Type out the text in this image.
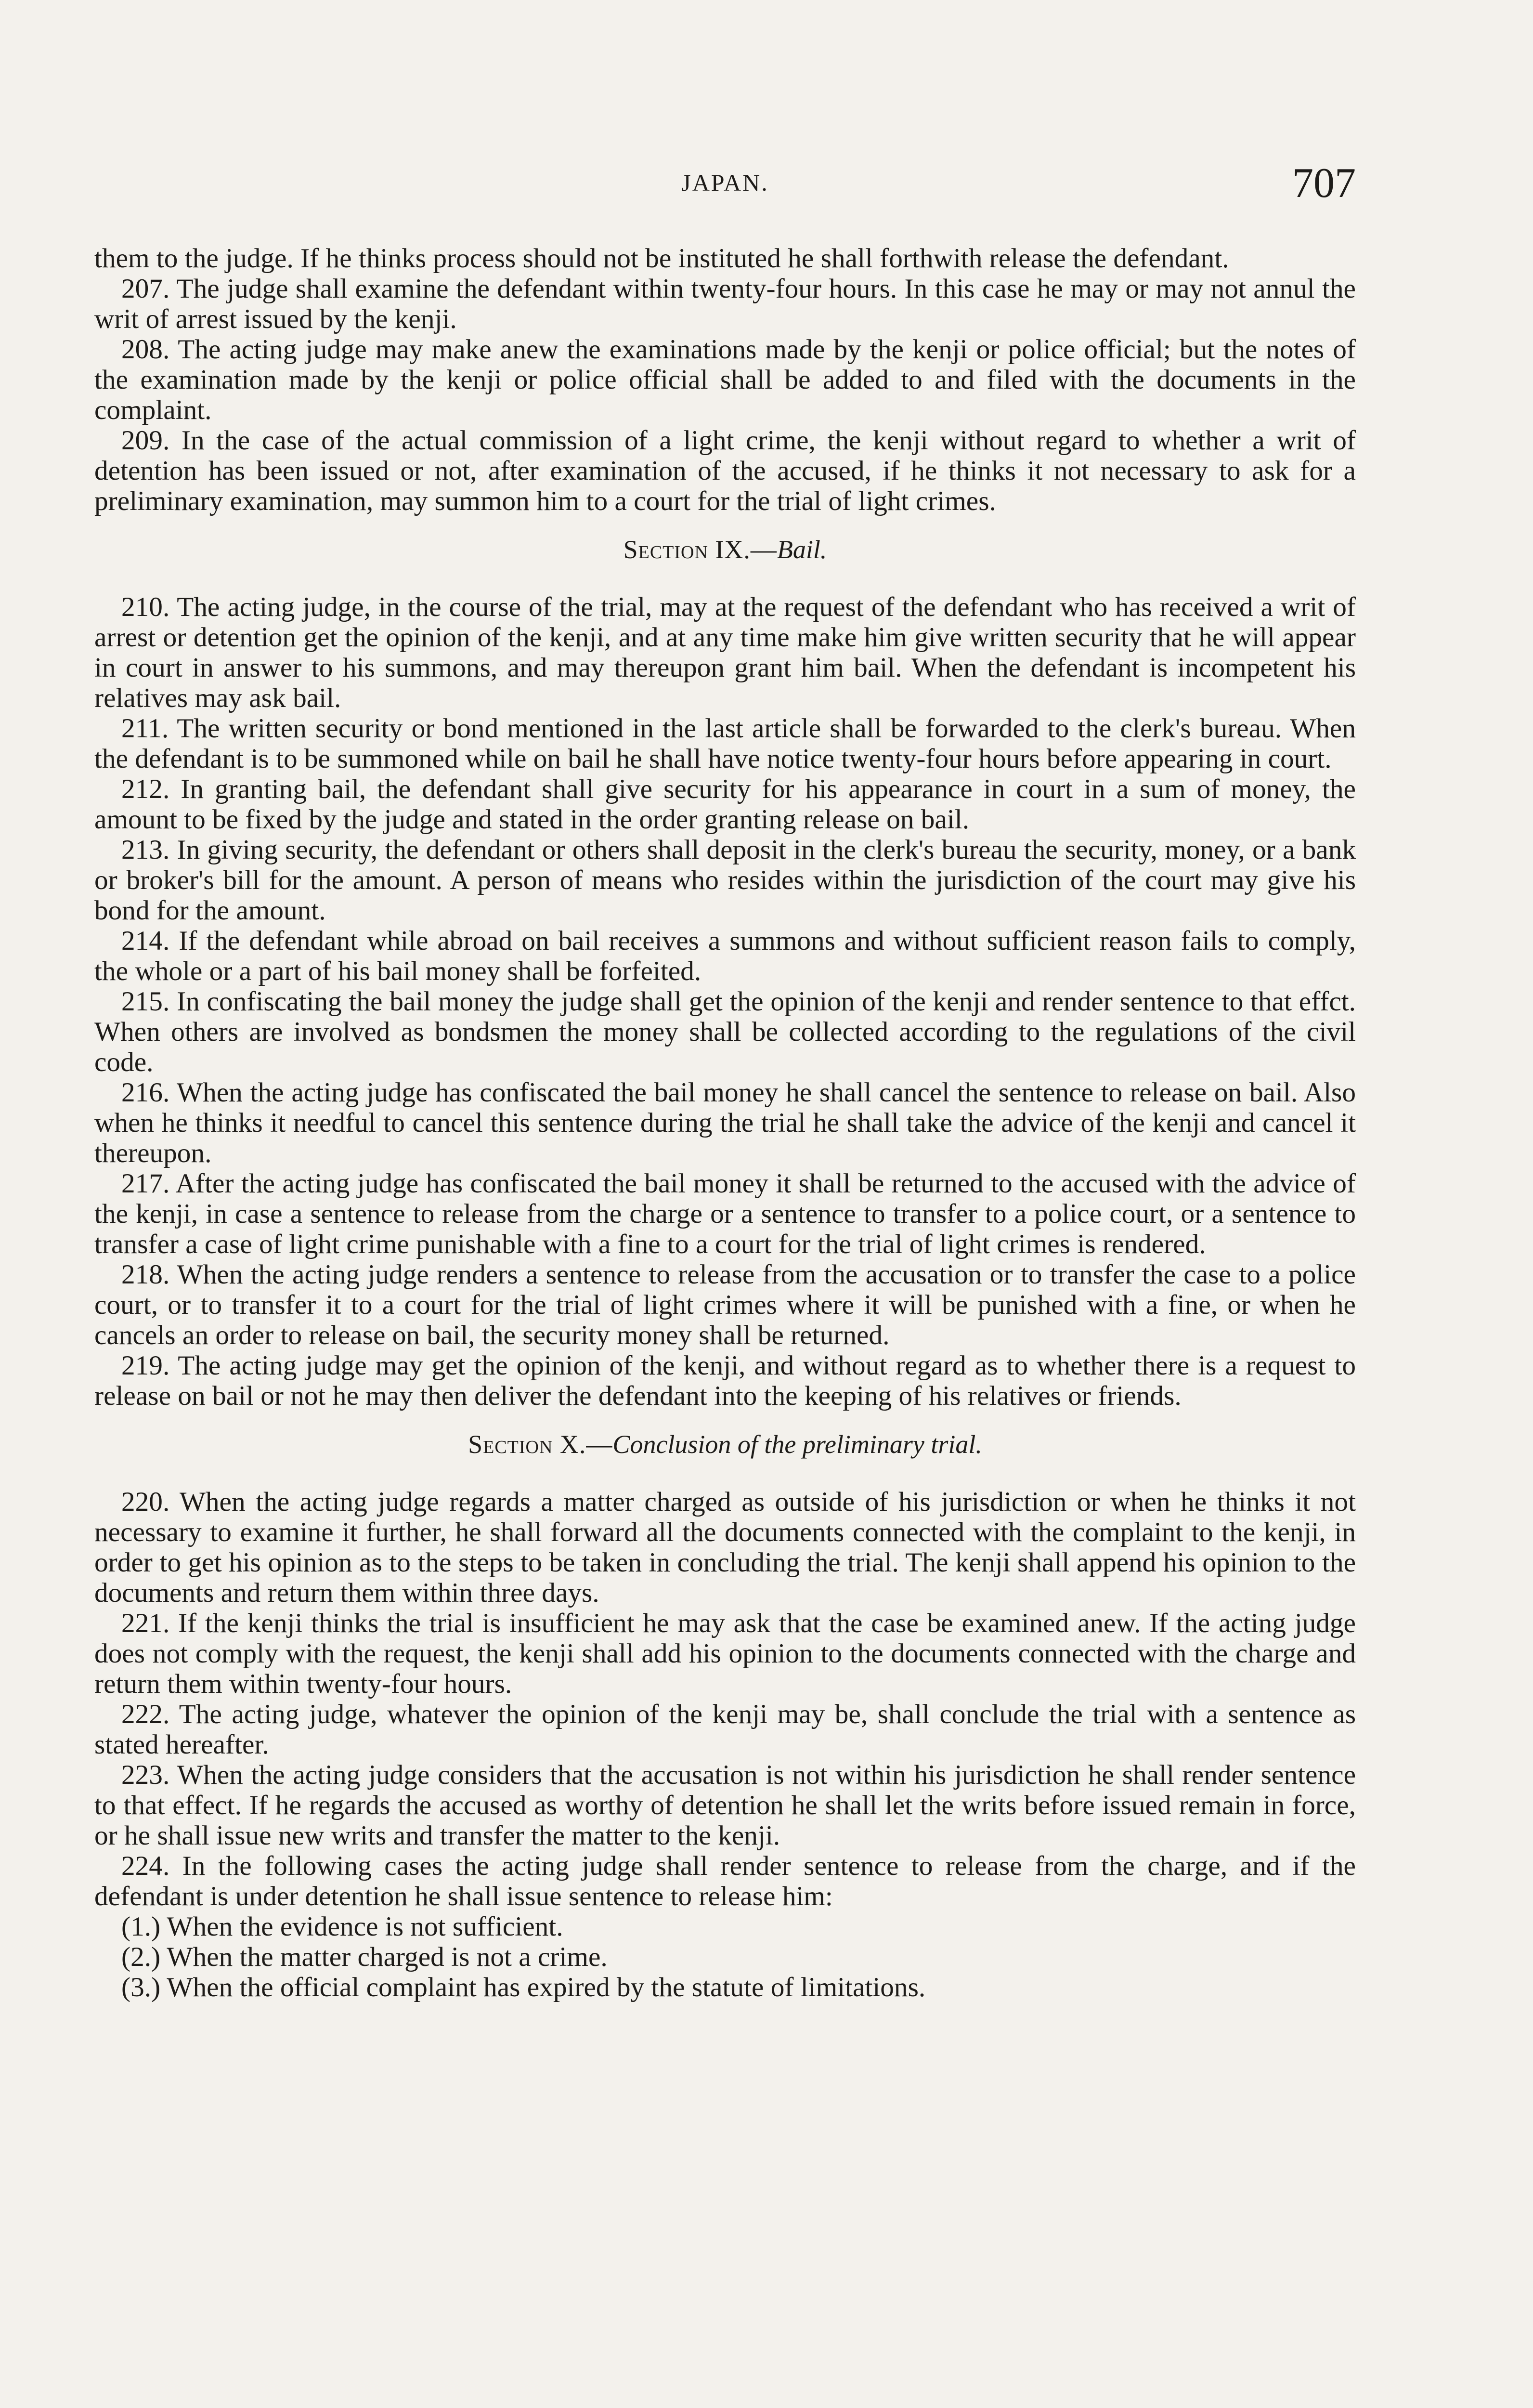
JAPAN.	707

them to the judge. If he thinks process should not be instituted he shall forthwith release the defendant.

207. The judge shall examine the defendant within twenty-four hours. In this case he may or may not annul the writ of arrest issued by the kenji.

208. The acting judge may make anew the examinations made by the kenji or police official; but the notes of the examination made by the kenji or police official shall be added to and filed with the documents in the complaint.

209. In the case of the actual commission of a light crime, the kenji without regard to whether a writ of detention has been issued or not, after examination of the accused, if he thinks it not necessary to ask for a preliminary examination, may summon him to a court for the trial of light crimes.

Section IX.—Bail.

210. The acting judge, in the course of the trial, may at the request of the defendant who has received a writ of arrest or detention get the opinion of the kenji, and at any time make him give written security that he will appear in court in answer to his summons, and may thereupon grant him bail. When the defendant is incompetent his relatives may ask bail.

211. The written security or bond mentioned in the last article shall be forwarded to the clerk's bureau. When the defendant is to be summoned while on bail he shall have notice twenty-four hours before appearing in court.

212. In granting bail, the defendant shall give security for his appearance in court in a sum of money, the amount to be fixed by the judge and stated in the order granting release on bail.

213. In giving security, the defendant or others shall deposit in the clerk's bureau the security, money, or a bank or broker's bill for the amount. A person of means who resides within the jurisdiction of the court may give his bond for the amount.

214. If the defendant while abroad on bail receives a summons and without sufficient reason fails to comply, the whole or a part of his bail money shall be forfeited.

215. In confiscating the bail money the judge shall get the opinion of the kenji and render sentence to that effct. When others are involved as bondsmen the money shall be collected according to the regulations of the civil code.

216. When the acting judge has confiscated the bail money he shall cancel the sentence to release on bail. Also when he thinks it needful to cancel this sentence during the trial he shall take the advice of the kenji and cancel it thereupon.

217. After the acting judge has confiscated the bail money it shall be returned to the accused with the advice of the kenji, in case a sentence to release from the charge or a sentence to transfer to a police court, or a sentence to transfer a case of light crime punishable with a fine to a court for the trial of light crimes is rendered.

218. When the acting judge renders a sentence to release from the accusation or to transfer the case to a police court, or to transfer it to a court for the trial of light crimes where it will be punished with a fine, or when he cancels an order to release on bail, the security money shall be returned.

219. The acting judge may get the opinion of the kenji, and without regard as to whether there is a request to release on bail or not he may then deliver the defendant into the keeping of his relatives or friends.

Section X.—Conclusion of the preliminary trial.

220. When the acting judge regards a matter charged as outside of his jurisdiction or when he thinks it not necessary to examine it further, he shall forward all the documents connected with the complaint to the kenji, in order to get his opinion as to the steps to be taken in concluding the trial. The kenji shall append his opinion to the documents and return them within three days.

221. If the kenji thinks the trial is insufficient he may ask that the case be examined anew. If the acting judge does not comply with the request, the kenji shall add his opinion to the documents connected with the charge and return them within twenty-four hours.

222. The acting judge, whatever the opinion of the kenji may be, shall conclude the trial with a sentence as stated hereafter.

223. When the acting judge considers that the accusation is not within his jurisdiction he shall render sentence to that effect. If he regards the accused as worthy of detention he shall let the writs before issued remain in force, or he shall issue new writs and transfer the matter to the kenji.

224. In the following cases the acting judge shall render sentence to release from the charge, and if the defendant is under detention he shall issue sentence to release him:

(1.) When the evidence is not sufficient.

(2.) When the matter charged is not a crime.

(3.) When the official complaint has expired by the statute of limitations.
